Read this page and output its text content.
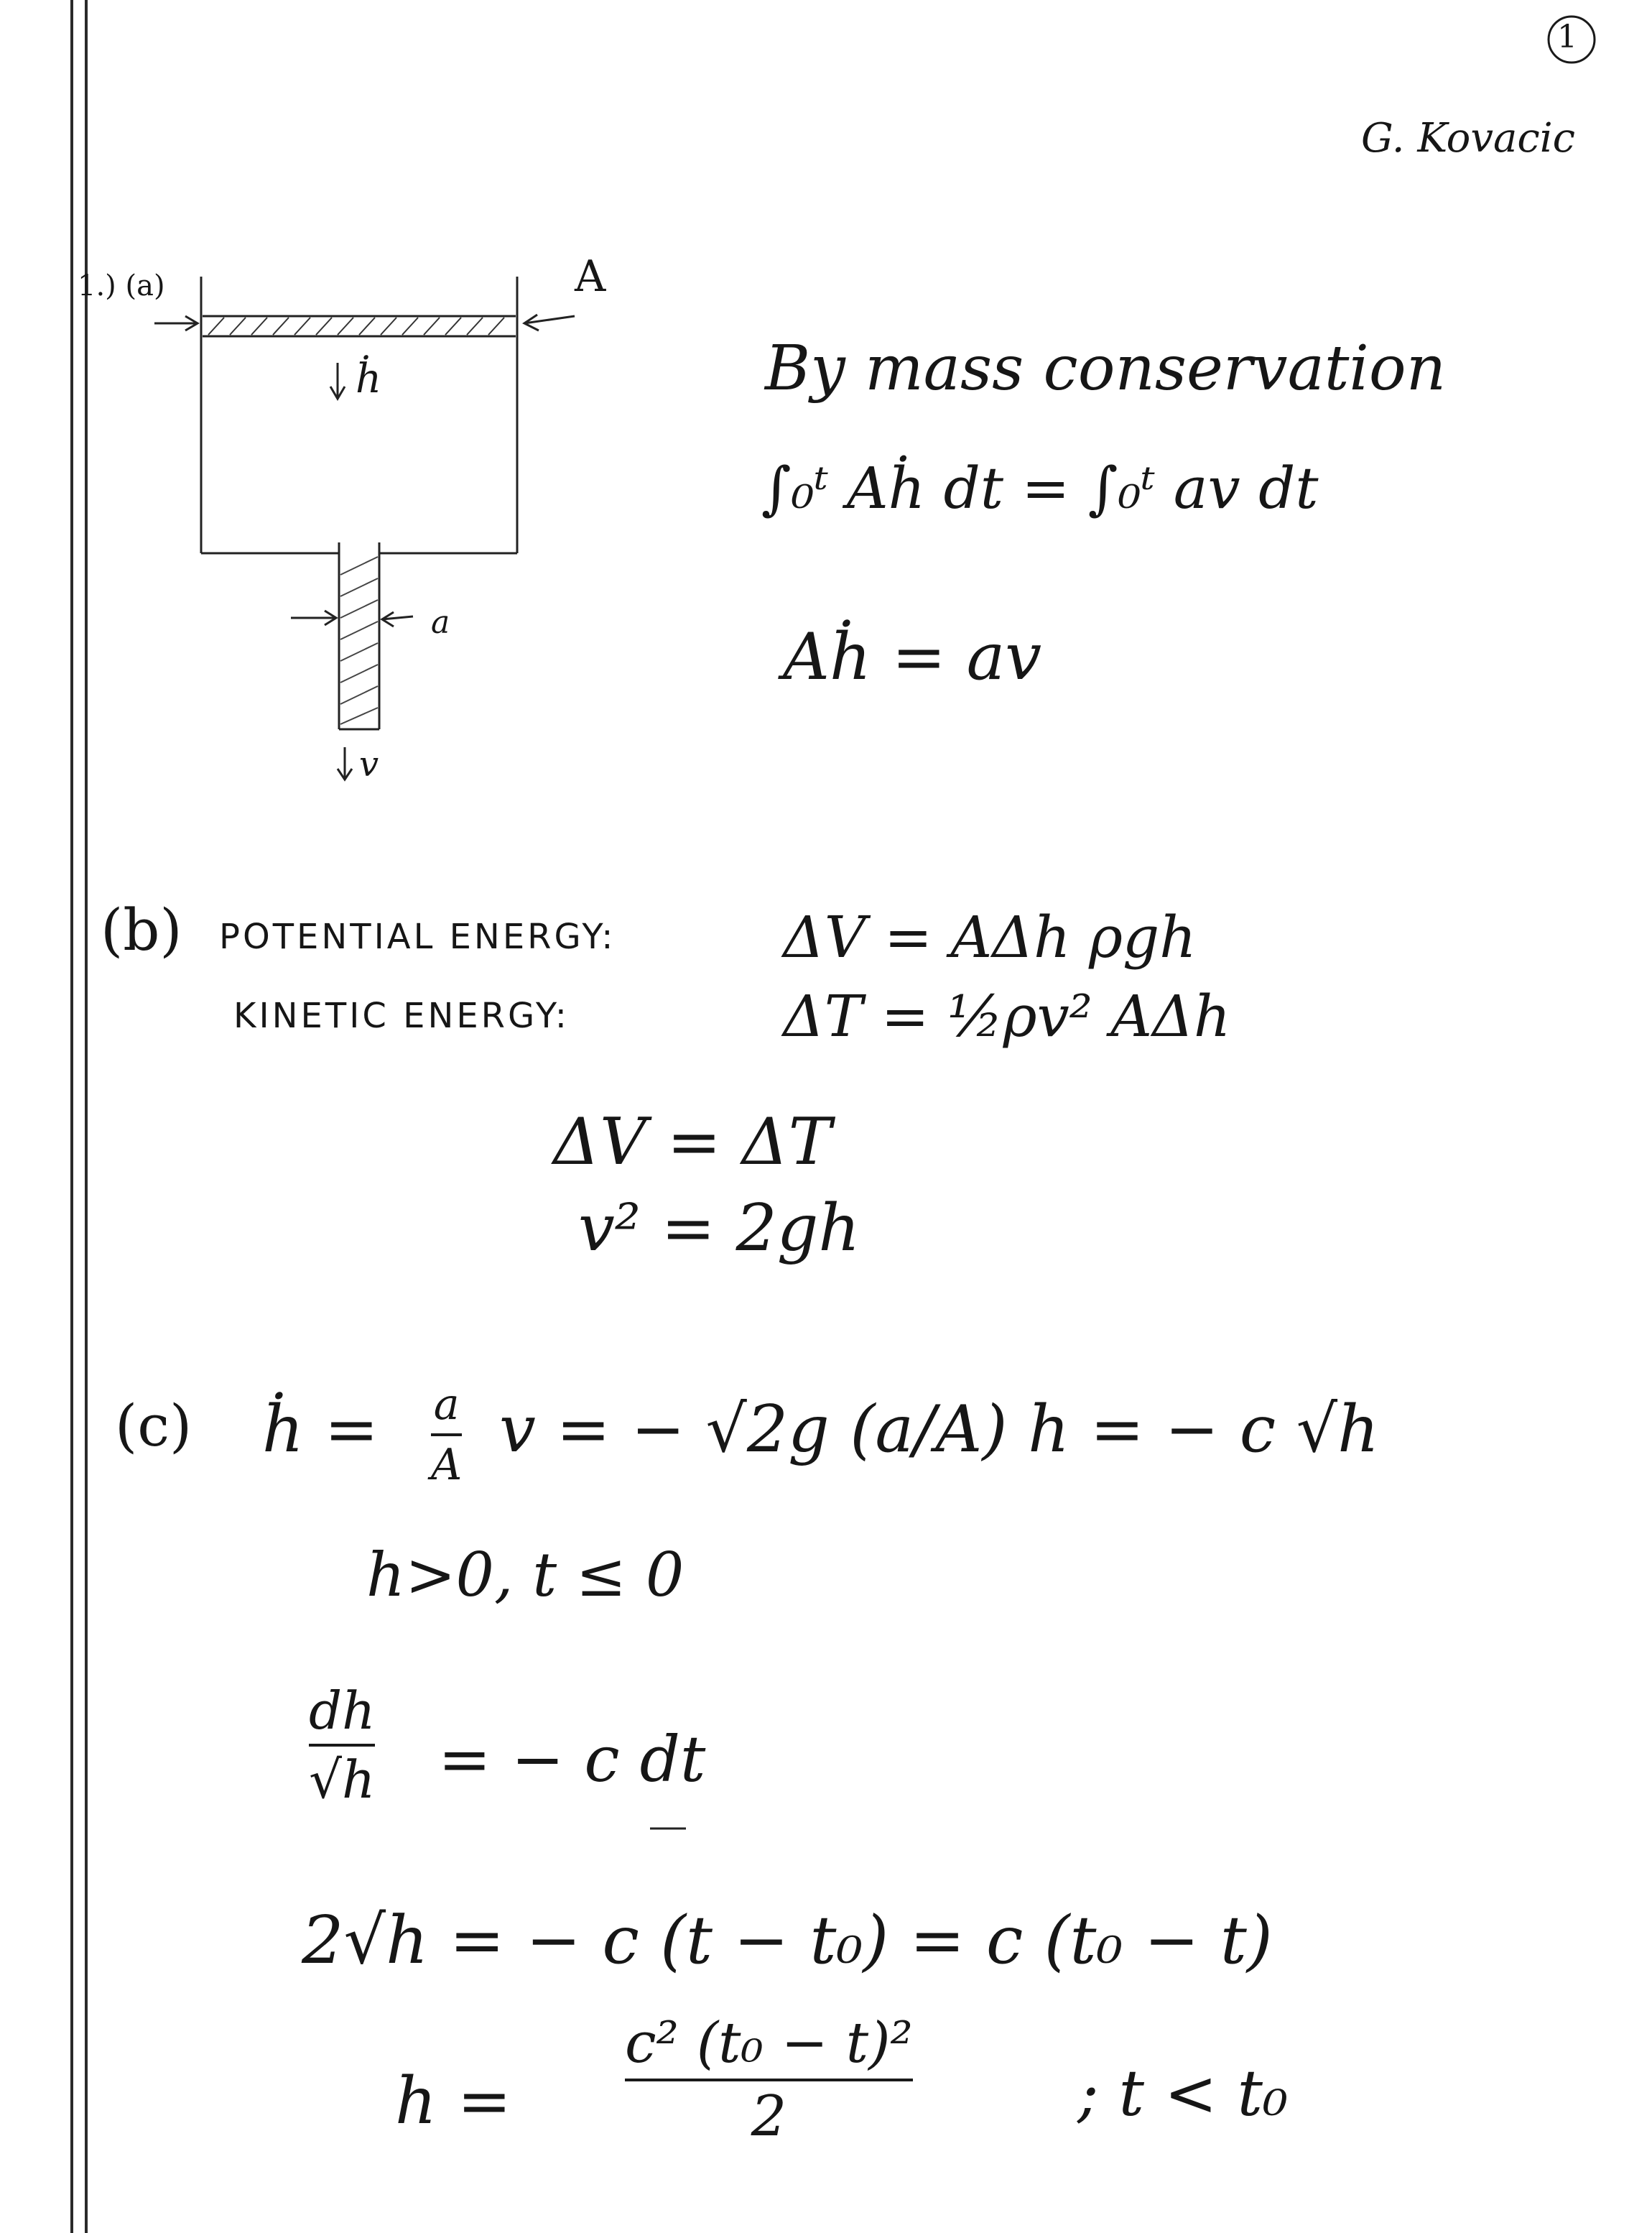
1
G. Kovacic
1.) (a)	A
ḣ
a
v
By mass conservation
∫₀ᵗ Aḣ dt = ∫₀ᵗ av dt
Aḣ = av
(b) POTENTIAL ENERGY:
KINETIC ENERGY:
ΔV = AΔh ρgh
ΔT = ½ρv² AΔh
ΔV = ΔT
v² = 2gh
(c) ḣ = a
A v = − √2g (a/A) h = − c √h
h>0, t ≤ 0
dh
√h = − c dt
2√h = − c (t − t₀) = c (t₀ − t)
h =
c² (t₀ − t)²
2	; t < t₀
